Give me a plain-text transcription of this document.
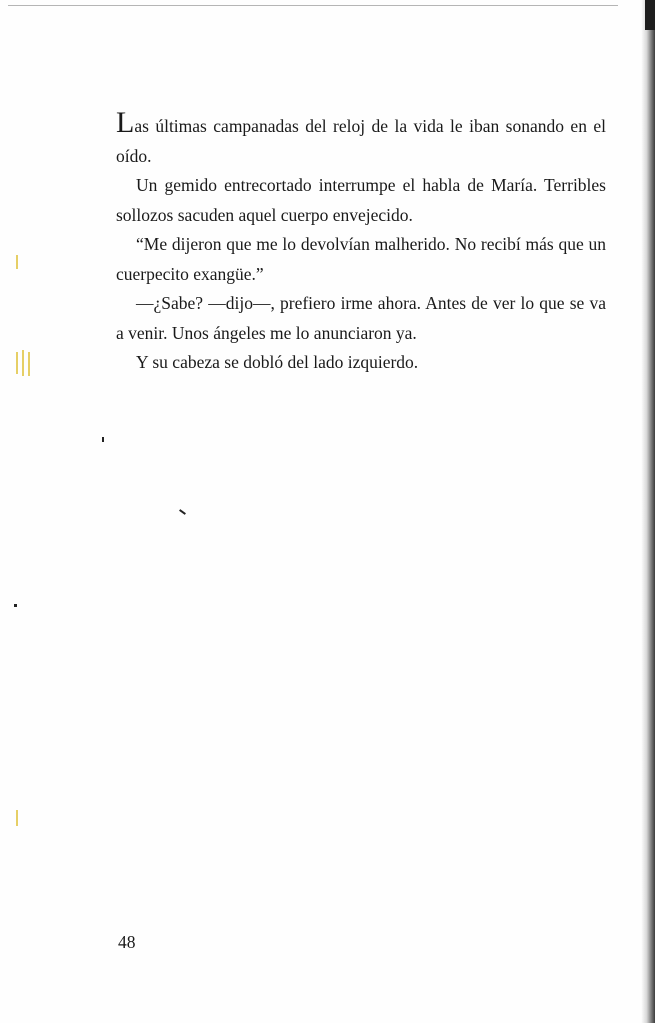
Las últimas campanadas del reloj de la vida le iban sonando en el oído.

Un gemido entrecortado interrumpe el habla de María. Terribles sollozos sacuden aquel cuerpo envejecido.

“Me dijeron que me lo devolvían malherido. No recibí más que un cuerpecito exangüe.”

—¿Sabe? —dijo—, prefiero irme ahora. Antes de ver lo que se va a venir. Unos ángeles me lo anunciaron ya.

Y su cabeza se dobló del lado izquierdo.

48
